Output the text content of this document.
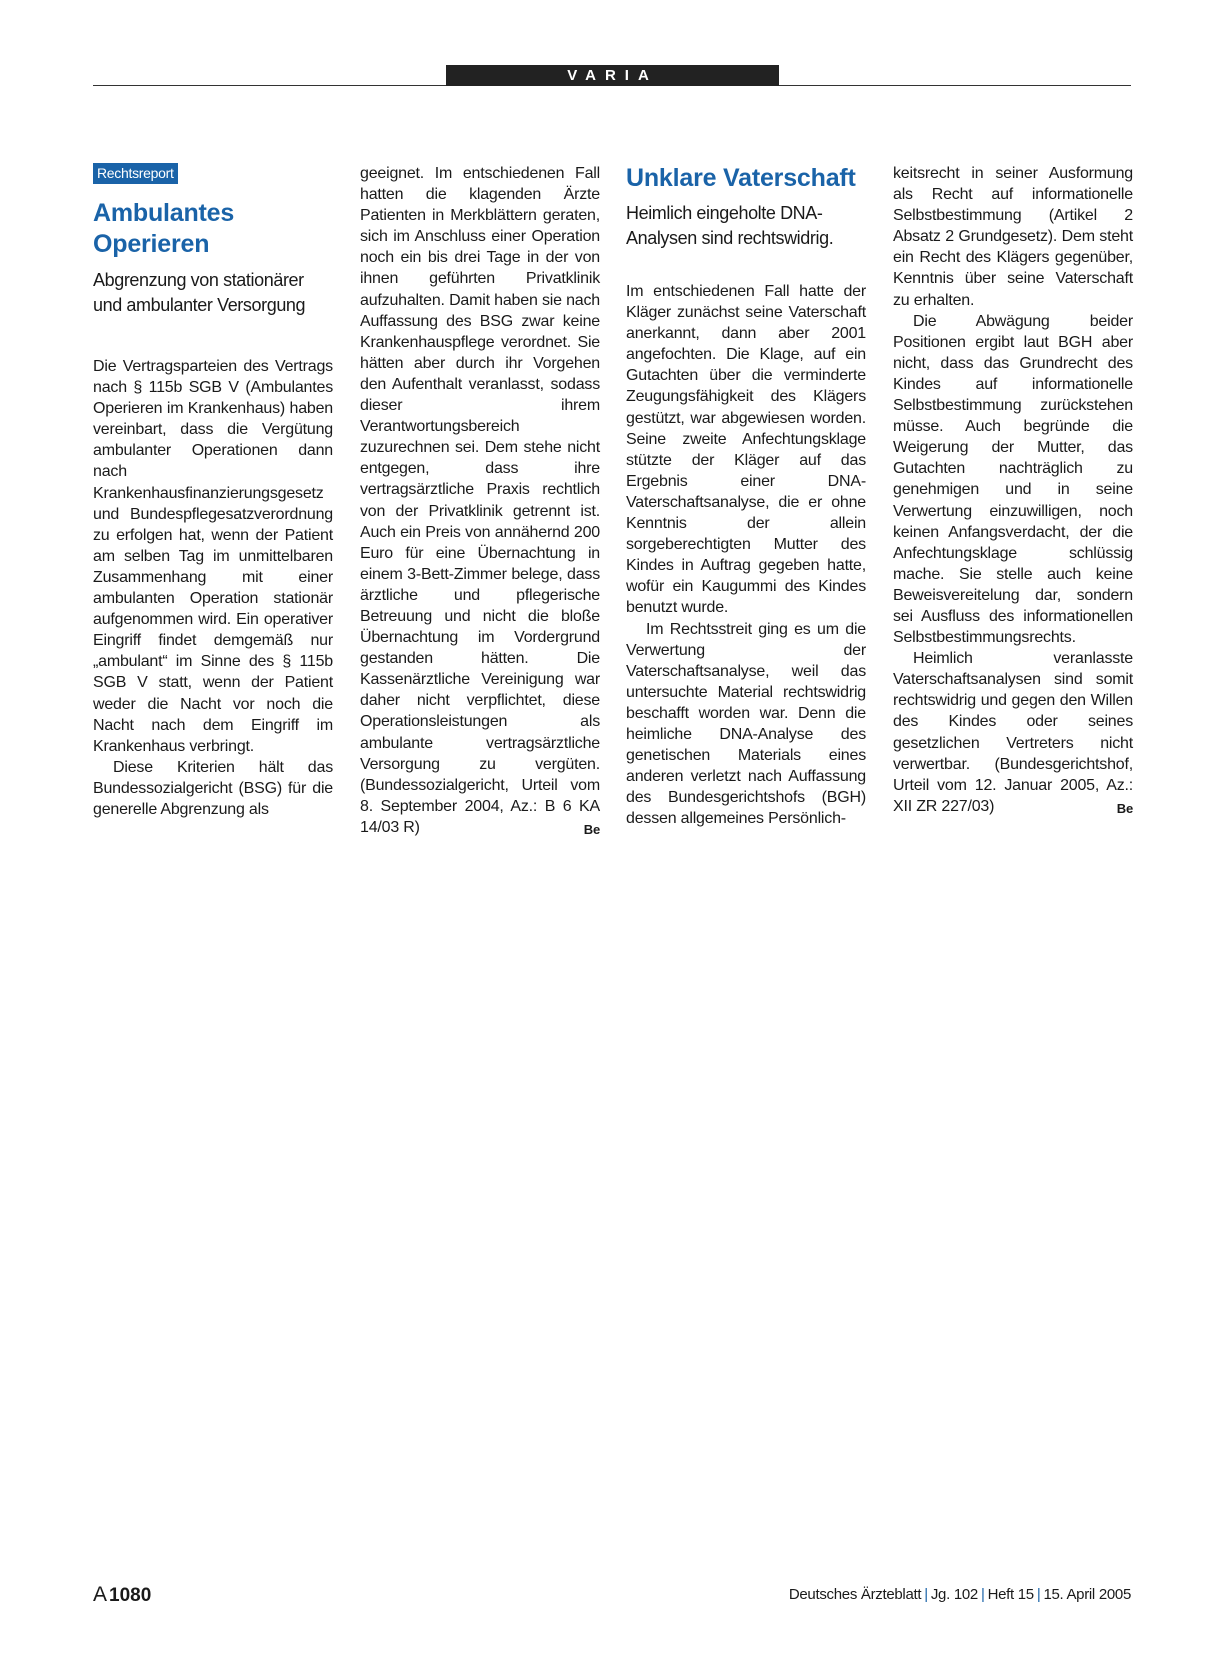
VARIA
Rechtsreport
Ambulantes Operieren
Abgrenzung von stationärer und ambulanter Versorgung

Die Vertragsparteien des Vertrags nach § 115b SGB V (Ambulantes Operieren im Krankenhaus) haben vereinbart, dass die Vergütung ambulanter Operationen dann nach Krankenhausfinanzierungsgesetz und Bundespflegesatzverordnung zu erfolgen hat, wenn der Patient am selben Tag im unmittelbaren Zusammenhang mit einer ambulanten Operation stationär aufgenommen wird. Ein operativer Eingriff findet demgemäß nur „ambulant“ im Sinne des § 115b SGB V statt, wenn der Patient weder die Nacht vor noch die Nacht nach dem Eingriff im Krankenhaus verbringt.

Diese Kriterien hält das Bundessozialgericht (BSG) für die generelle Abgrenzung als

geeignet. Im entschiedenen Fall hatten die klagenden Ärzte Patienten in Merkblättern geraten, sich im Anschluss einer Operation noch ein bis drei Tage in der von ihnen geführten Privatklinik aufzuhalten. Damit haben sie nach Auffassung des BSG zwar keine Krankenhauspflege verordnet. Sie hätten aber durch ihr Vorgehen den Aufenthalt veranlasst, sodass dieser ihrem Verantwortungsbereich zuzurechnen sei. Dem stehe nicht entgegen, dass ihre vertragsärztliche Praxis rechtlich von der Privatklinik getrennt ist. Auch ein Preis von annähernd 200 Euro für eine Übernachtung in einem 3-Bett-Zimmer belege, dass ärztliche und pflegerische Betreuung und nicht die bloße Übernachtung im Vordergrund gestanden hätten. Die Kassenärztliche Vereinigung war daher nicht verpflichtet, diese Operationsleistungen als ambulante vertragsärztliche Versorgung zu vergüten. (Bundessozialgericht, Urteil vom 8. September 2004, Az.: B 6 KA 14/03 R)	Be

Unklare Vaterschaft
Heimlich eingeholte DNA-Analysen sind rechtswidrig.

Im entschiedenen Fall hatte der Kläger zunächst seine Vaterschaft anerkannt, dann aber 2001 angefochten. Die Klage, auf ein Gutachten über die verminderte Zeugungsfähigkeit des Klägers gestützt, war abgewiesen worden. Seine zweite Anfechtungsklage stützte der Kläger auf das Ergebnis einer DNA-Vaterschaftsanalyse, die er ohne Kenntnis der allein sorgeberechtigten Mutter des Kindes in Auftrag gegeben hatte, wofür ein Kaugummi des Kindes benutzt wurde.

Im Rechtsstreit ging es um die Verwertung der Vaterschaftsanalyse, weil das untersuchte Material rechtswidrig beschafft worden war. Denn die heimliche DNA-Analyse des genetischen Materials eines anderen verletzt nach Auffassung des Bundesgerichtshofs (BGH) dessen allgemeines Persönlich-

keitsrecht in seiner Ausformung als Recht auf informationelle Selbstbestimmung (Artikel 2 Absatz 2 Grundgesetz). Dem steht ein Recht des Klägers gegenüber, Kenntnis über seine Vaterschaft zu erhalten.

Die Abwägung beider Positionen ergibt laut BGH aber nicht, dass das Grundrecht des Kindes auf informationelle Selbstbestimmung zurückstehen müsse. Auch begründe die Weigerung der Mutter, das Gutachten nachträglich zu genehmigen und in seine Verwertung einzuwilligen, noch keinen Anfangsverdacht, der die Anfechtungsklage schlüssig mache. Sie stelle auch keine Beweisvereitelung dar, sondern sei Ausfluss des informationellen Selbstbestimmungsrechts.

Heimlich veranlasste Vaterschaftsanalysen sind somit rechtswidrig und gegen den Willen des Kindes oder seines gesetzlichen Vertreters nicht verwertbar. (Bundesgerichtshof, Urteil vom 12. Januar 2005, Az.: XII ZR 227/03)	Be

A 1080	Deutsches Ärzteblatt | Jg. 102 | Heft 15 | 15. April 2005
